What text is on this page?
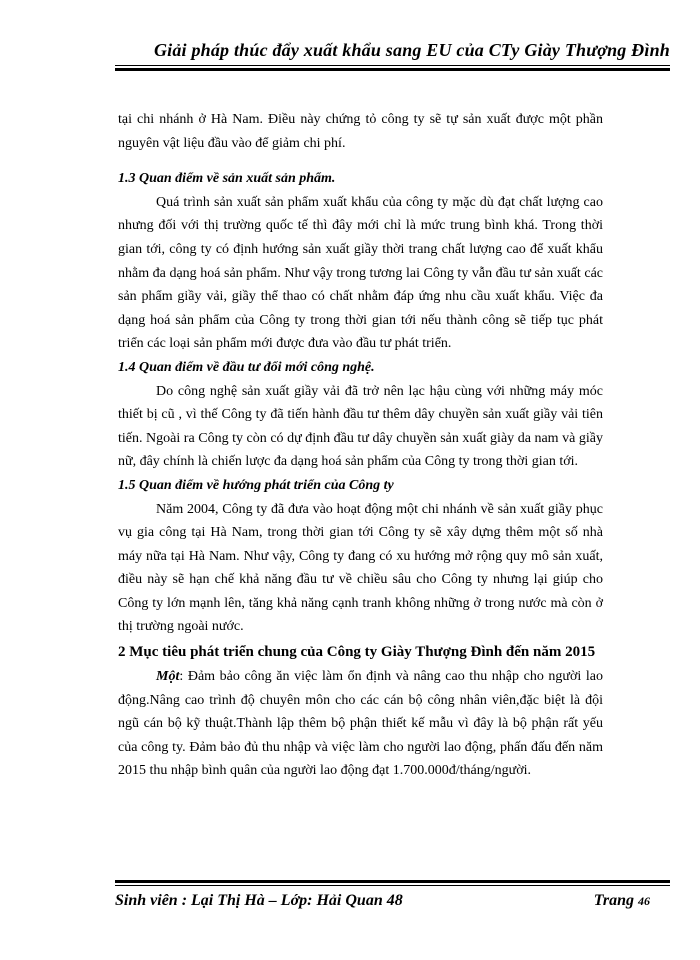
Giải pháp thúc đẩy xuất khẩu sang EU của CTy Giày Thượng Đình

tại chi nhánh ở Hà Nam. Điều này chứng tỏ công ty sẽ tự sản xuất được một phần nguyên vật liệu đầu vào để giảm chi phí.

1.3 Quan điểm về sản xuất sản phẩm.

Quá trình sản xuất sản phẩm xuất khẩu của công ty mặc dù đạt chất lượng cao nhưng đối với thị trường quốc tế thì đây mới chỉ là mức trung bình khá. Trong thời gian tới, công ty có định hướng sản xuất giầy thời trang chất lượng cao để xuất khẩu nhằm đa dạng hoá sản phẩm. Như vậy trong tương lai Công ty vẫn đầu tư sản xuất các sản phẩm giầy vải, giầy thể thao có chất nhằm đáp ứng nhu cầu xuất khẩu. Việc đa dạng hoá sản phẩm của Công ty trong thời gian tới nếu thành công sẽ tiếp tục phát triển các loại sản phẩm mới được đưa vào đầu tư phát triển.

1.4 Quan điểm về đầu tư đổi mới công nghệ.

Do công nghệ sản xuất giầy vải đã trở nên lạc hậu cùng với những máy móc thiết bị cũ , vì thế Công ty đã tiến hành đầu tư thêm dây chuyền sản xuất giầy vải tiên tiến. Ngoài ra Công ty còn có dự định đầu tư dây chuyền sản xuất giày da nam và giầy nữ, đây chính là chiến lược đa dạng hoá sản phẩm của Công ty trong thời gian tới.

1.5 Quan điểm về hướng phát triển của Công ty

Năm 2004, Công ty đã đưa vào hoạt động một chi nhánh về sản xuất giầy phục vụ gia công tại Hà Nam, trong thời gian tới Công ty sẽ xây dựng thêm một số nhà máy nữa tại Hà Nam. Như vậy, Công ty đang có xu hướng mở rộng quy mô sản xuất, điều này sẽ hạn chế khả năng đầu tư về chiều sâu cho Công ty nhưng lại giúp cho Công ty lớn mạnh lên, tăng khả năng cạnh tranh không những ở trong nước mà còn ở thị trường ngoài nước.

2 Mục tiêu phát triển chung của Công ty Giày Thượng Đình đến năm 2015

Một: Đảm bảo công ăn việc làm ổn định và nâng cao thu nhập cho người lao động.Nâng cao trình độ chuyên môn cho các cán bộ công nhân viên,đặc biệt là đội ngũ cán bộ kỹ thuật.Thành lập thêm bộ phận thiết kế mẫu vì đây là bộ phận rất yếu của công ty. Đảm bảo đủ thu nhập và việc làm cho người lao động, phấn đấu đến năm 2015 thu nhập bình quân của người lao động đạt 1.700.000đ/tháng/người.

Sinh viên : Lại Thị Hà – Lớp: Hải Quan 48	Trang 46
